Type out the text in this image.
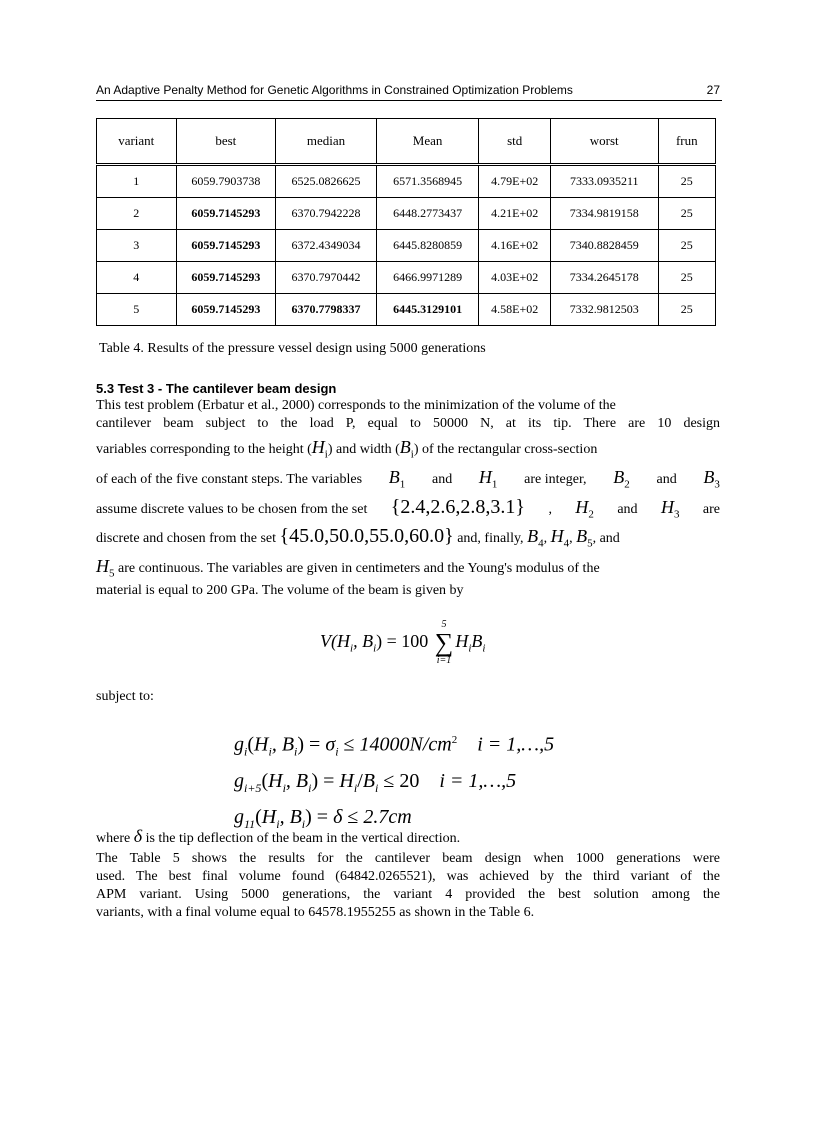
An Adaptive Penalty Method for Genetic Algorithms in Constrained Optimization Problems	27
variant	best	median	Mean	std	worst	frun
1	6059.7903738	6525.0826625	6571.3568945	4.79E+02	7333.0935211	25
2	6059.7145293	6370.7942228	6448.2773437	4.21E+02	7334.9819158	25
3	6059.7145293	6372.4349034	6445.8280859	4.16E+02	7340.8828459	25
4	6059.7145293	6370.7970442	6466.9971289	4.03E+02	7334.2645178	25
5	6059.7145293	6370.7798337	6445.3129101	4.58E+02	7332.9812503	25
Table 4. Results of the pressure vessel design using 5000 generations
5.3 Test 3 - The cantilever beam design
This test problem (Erbatur et al., 2000) corresponds to the minimization of the volume of the
cantilever beam subject to the load P, equal to 50000 N, at its tip. There are 10 design
variables corresponding to the height $(H_i)$ and width $(B_i)$ of the rectangular cross-section
of each of the five constant steps. The variables $B_1$ and $H_1$ are integer, $B_2$ and $B_3$
assume discrete values to be chosen from the set {2.4,2.6,2.8,3.1} , $H_2$ and $H_3$ are
discrete and chosen from the set {45.0,50.0,55.0,60.0} and, finally, $B_4$, $H_4$, $B_5$, and
$H_5$ are continuous. The variables are given in centimeters and the Young's modulus of the
material is equal to 200 GPa. The volume of the beam is given by
$V(H_i$, $B_i) = 100$
5
∑
i=1
$H_iB_i$
subject to:
$g_i(H_i$, $B_i) = \sigma_i \le 14000N/cm^2$ i = 1,…,5
$g_{i+5}(H_i$, $B_i) = H_i/B_i \le 20$ i = 1,…,5
$g_{11}(H_i$, $B_i) = \delta \le 2.7cm$
where δ is the tip deflection of the beam in the vertical direction.
The Table 5 shows the results for the cantilever beam design when 1000 generations were
used. The best final volume found (64842.0265521), was achieved by the third variant of the
APM variant. Using 5000 generations, the variant 4 provided the best solution among the
variants, with a final volume equal to 64578.1955255 as shown in the Table 6.
